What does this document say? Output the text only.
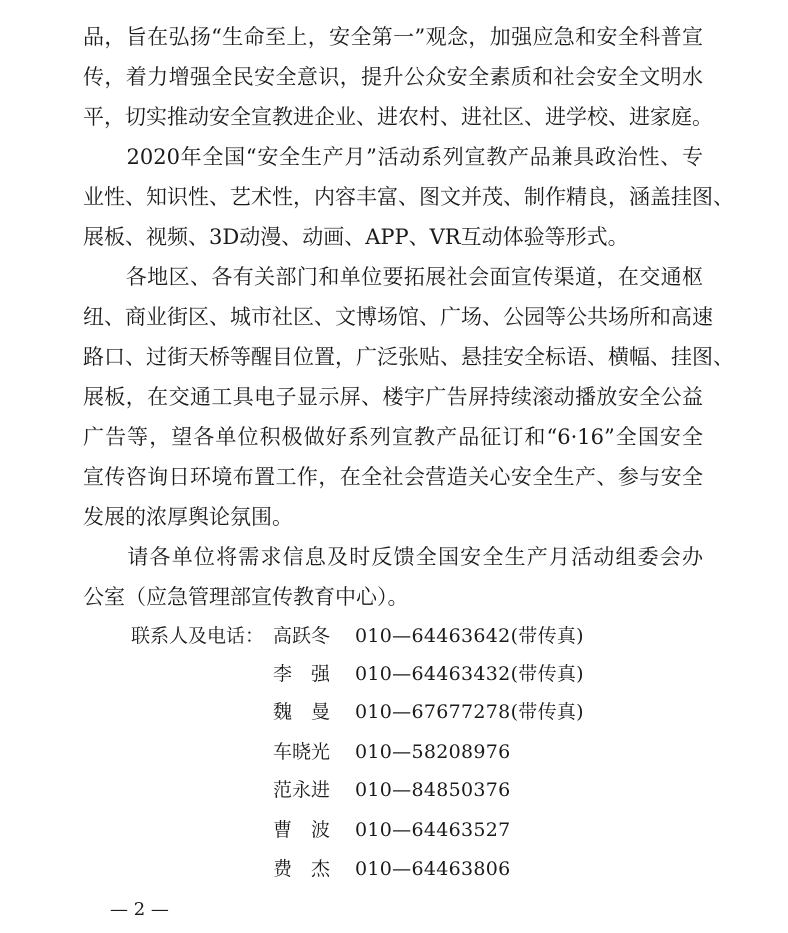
品，旨在弘扬“生命至上，安全第一”观念，加强应急和安全科普宣
传，着力增强全民安全意识，提升公众安全素质和社会安全文明水
平，切实推动安全宣教进企业、进农村、进社区、进学校、进家庭。
　　2020年全国“安全生产月”活动系列宣教产品兼具政治性、专
业性、知识性、艺术性，内容丰富、图文并茂、制作精良，涵盖挂图、
展板、视频、3D动漫、动画、APP、VR互动体验等形式。
　　各地区、各有关部门和单位要拓展社会面宣传渠道，在交通枢
纽、商业街区、城市社区、文博场馆、广场、公园等公共场所和高速
路口、过街天桥等醒目位置，广泛张贴、悬挂安全标语、横幅、挂图、
展板，在交通工具电子显示屏、楼宇广告屏持续滚动播放安全公益
广告等，望各单位积极做好系列宣教产品征订和“6·16”全国安全
宣传咨询日环境布置工作，在全社会营造关心安全生产、参与安全
发展的浓厚舆论氛围。
　　请各单位将需求信息及时反馈全国安全生产月活动组委会办
公室（应急管理部宣传教育中心）。
联系人及电话： 高跃冬 010—64463642(带传真)
李　强 010—64463432(带传真)
魏　曼 010—67677278(带传真)
车晓光 010—58208976
范永进 010—84850376
曹　波 010—64463527
费　杰 010—64463806
— 2 —
